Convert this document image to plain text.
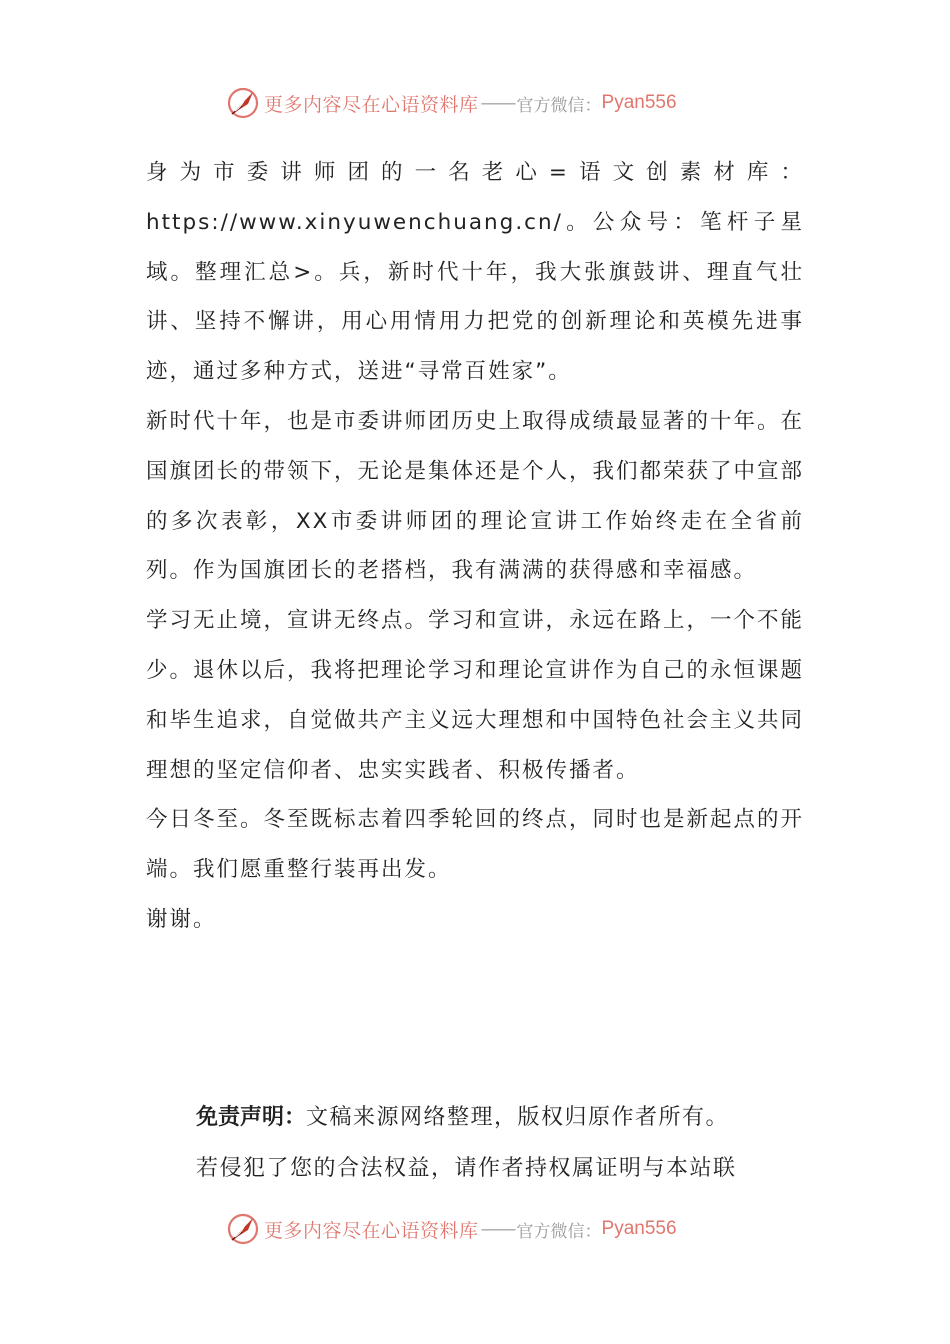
更多内容尽在心语资料库 —— 官方微信： Pyan556

身为市委讲师团的一名老心=语文创素材库：https://www.xinyuwenchuang.cn/。公众号：笔杆子星域。整理汇总>。兵，新时代十年，我大张旗鼓讲、理直气壮讲、坚持不懈讲，用心用情用力把党的创新理论和英模先进事迹，通过多种方式，送进“寻常百姓家”。

新时代十年，也是市委讲师团历史上取得成绩最显著的十年。在国旗团长的带领下，无论是集体还是个人，我们都荣获了中宣部的多次表彰，XX市委讲师团的理论宣讲工作始终走在全省前列。作为国旗团长的老搭档，我有满满的获得感和幸福感。

学习无止境，宣讲无终点。学习和宣讲，永远在路上，一个不能少。退休以后，我将把理论学习和理论宣讲作为自己的永恒课题和毕生追求，自觉做共产主义远大理想和中国特色社会主义共同理想的坚定信仰者、忠实实践者、积极传播者。

今日冬至。冬至既标志着四季轮回的终点，同时也是新起点的开端。我们愿重整行装再出发。

谢谢。

免责声明：文稿来源网络整理，版权归原作者所有。

若侵犯了您的合法权益，请作者持权属证明与本站联

更多内容尽在心语资料库 —— 官方微信： Pyan556
